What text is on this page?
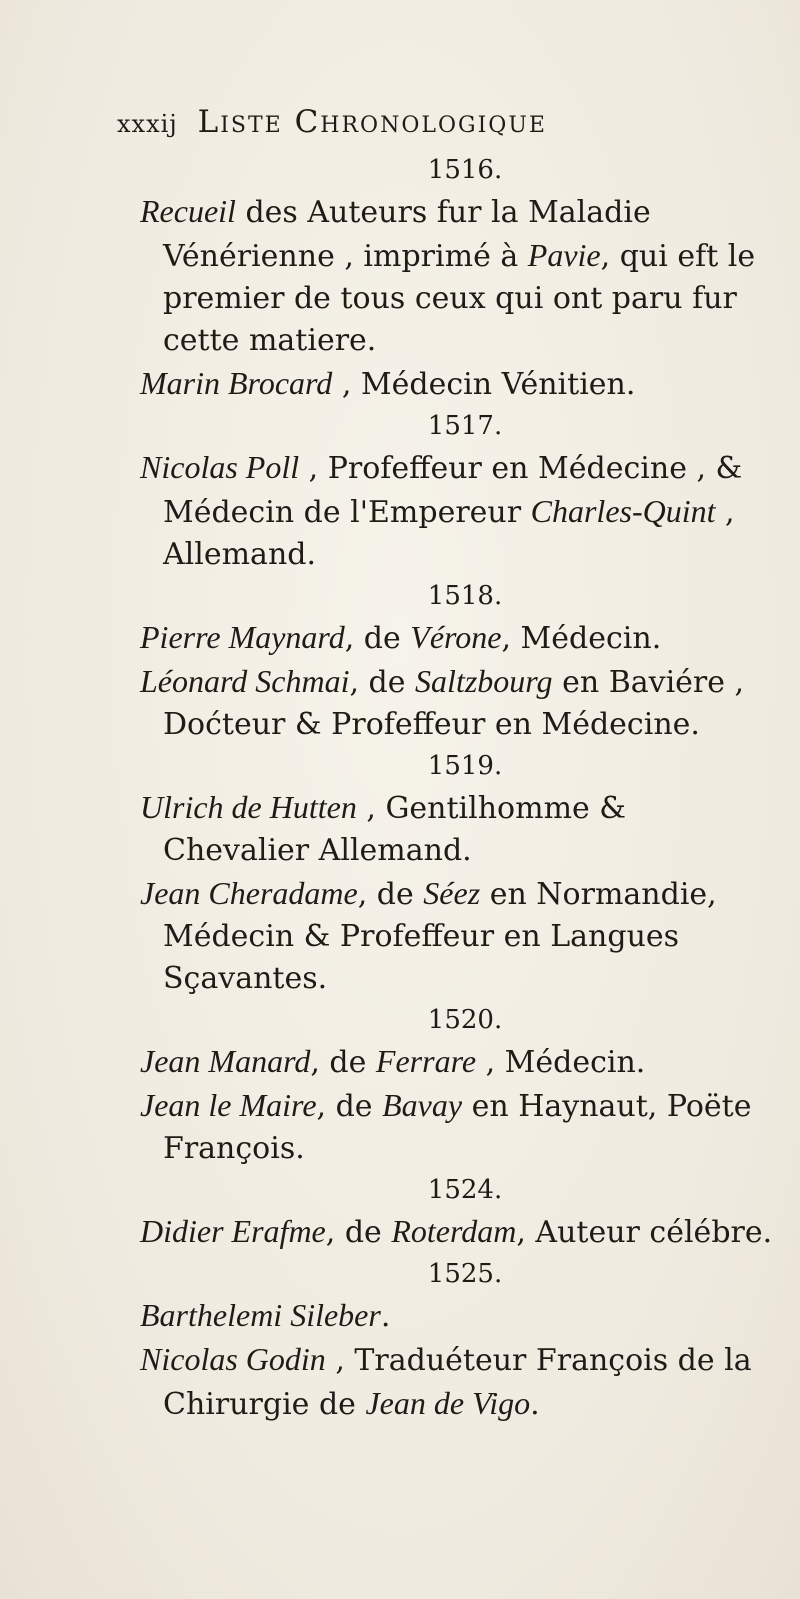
xxxij Liste Chronologique
1516.
Recueil des Auteurs fur la Maladie Vénérienne , imprimé à Pavie, qui eft le premier de tous ceux qui ont paru fur cette matiere.
Marin Brocard , Médecin Vénitien.
1517.
Nicolas Poll , Profeffeur en Médecine , & Médecin de l'Empereur Charles-Quint , Allemand.
1518.
Pierre Maynard, de Vérone, Médecin.
Léonard Schmai, de Saltzbourg en Baviére , Doćteur & Profeffeur en Médecine.
1519.
Ulrich de Hutten , Gentilhomme & Chevalier Allemand.
Jean Cheradame, de Séez en Normandie, Médecin & Profeffeur en Langues Sçavantes.
1520.
Jean Manard, de Ferrare , Médecin.
Jean le Maire, de Bavay en Haynaut, Poëte François.
1524.
Didier Erafme, de Roterdam, Auteur célébre.
1525.
Barthelemi Sileber.
Nicolas Godin , Traduéteur François de la Chirurgie de Jean de Vigo.
